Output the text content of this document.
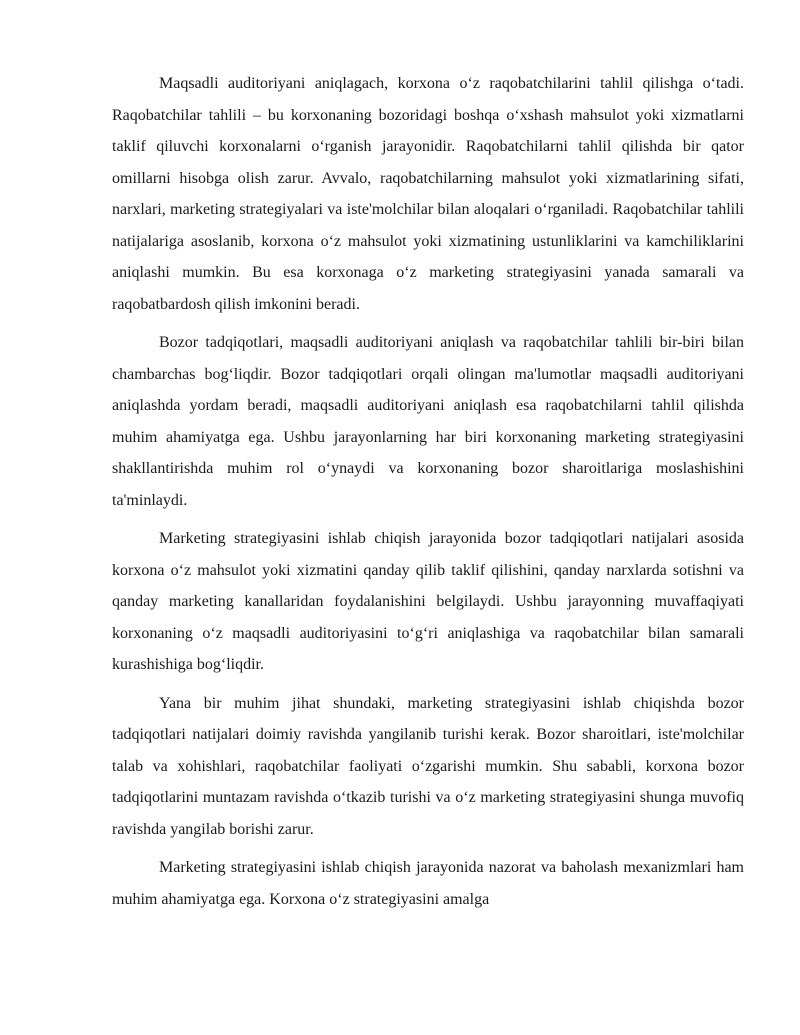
Maqsadli auditoriyani aniqlagach, korxona o‘z raqobatchilarini tahlil qilishga o‘tadi. Raqobatchilar tahlili – bu korxonaning bozoridagi boshqa o‘xshash mahsulot yoki xizmatlarni taklif qiluvchi korxonalarni o‘rganish jarayonidir. Raqobatchilarni tahlil qilishda bir qator omillarni hisobga olish zarur. Avvalo, raqobatchilarning mahsulot yoki xizmatlarining sifati, narxlari, marketing strategiyalari va iste'molchilar bilan aloqalari o‘rganiladi. Raqobatchilar tahlili natijalariga asoslanib, korxona o‘z mahsulot yoki xizmatining ustunliklarini va kamchiliklarini aniqlashi mumkin. Bu esa korxonaga o‘z marketing strategiyasini yanada samarali va raqobatbardosh qilish imkonini beradi.

Bozor tadqiqotlari, maqsadli auditoriyani aniqlash va raqobatchilar tahlili bir-biri bilan chambarchas bog‘liqdir. Bozor tadqiqotlari orqali olingan ma'lumotlar maqsadli auditoriyani aniqlashda yordam beradi, maqsadli auditoriyani aniqlash esa raqobatchilarni tahlil qilishda muhim ahamiyatga ega. Ushbu jarayonlarning har biri korxonaning marketing strategiyasini shakllantirishda muhim rol o‘ynaydi va korxonaning bozor sharoitlariga moslashishini ta'minlaydi.

Marketing strategiyasini ishlab chiqish jarayonida bozor tadqiqotlari natijalari asosida korxona o‘z mahsulot yoki xizmatini qanday qilib taklif qilishini, qanday narxlarda sotishni va qanday marketing kanallaridan foydalanishini belgilaydi. Ushbu jarayonning muvaffaqiyati korxonaning o‘z maqsadli auditoriyasini to‘g‘ri aniqlashiga va raqobatchilar bilan samarali kurashishiga bog‘liqdir.

Yana bir muhim jihat shundaki, marketing strategiyasini ishlab chiqishda bozor tadqiqotlari natijalari doimiy ravishda yangilanib turishi kerak. Bozor sharoitlari, iste'molchilar talab va xohishlari, raqobatchilar faoliyati o‘zgarishi mumkin. Shu sababli, korxona bozor tadqiqotlarini muntazam ravishda o‘tkazib turishi va o‘z marketing strategiyasini shunga muvofiq ravishda yangilab borishi zarur.

Marketing strategiyasini ishlab chiqish jarayonida nazorat va baholash mexanizmlari ham muhim ahamiyatga ega. Korxona o‘z strategiyasini amalga
